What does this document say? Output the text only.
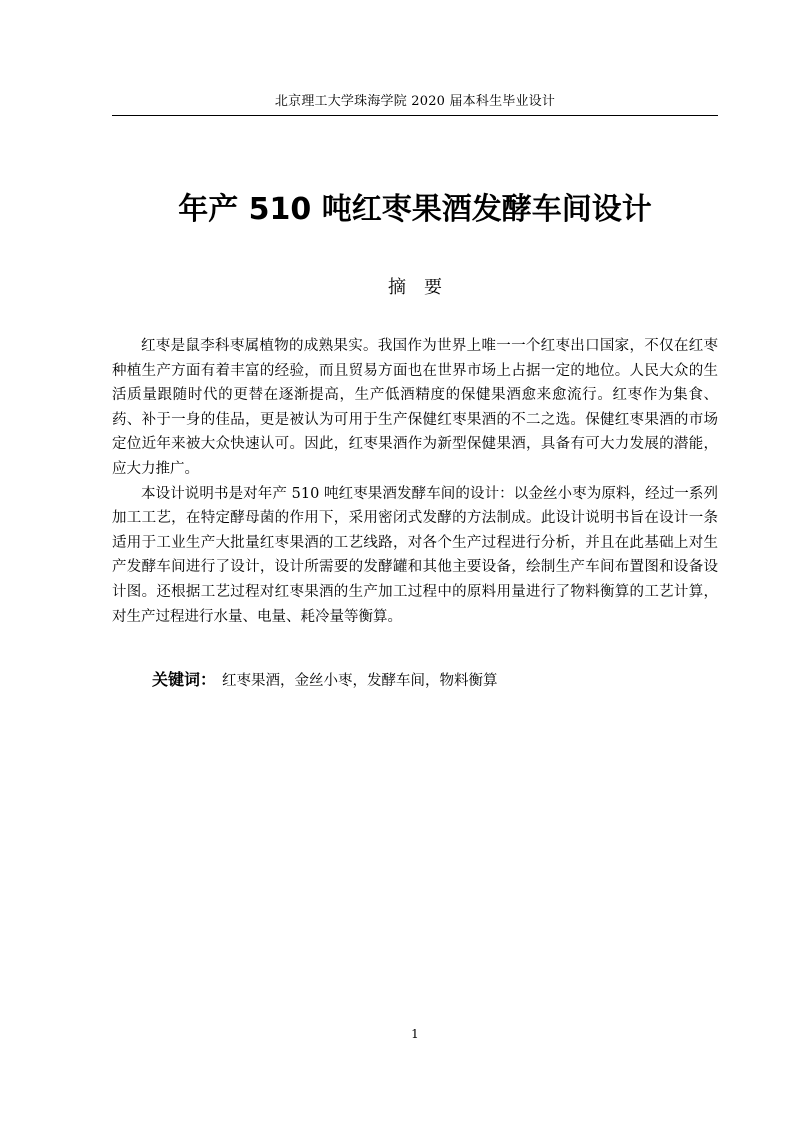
北京理工大学珠海学院 2020 届本科生毕业设计
年产 510 吨红枣果酒发酵车间设计
摘要

红枣是鼠李科枣属植物的成熟果实。我国作为世界上唯一一个红枣出口国家，不仅在红枣种植生产方面有着丰富的经验，而且贸易方面也在世界市场上占据一定的地位。人民大众的生活质量跟随时代的更替在逐渐提高，生产低酒精度的保健果酒愈来愈流行。红枣作为集食、药、补于一身的佳品，更是被认为可用于生产保健红枣果酒的不二之选。保健红枣果酒的市场定位近年来被大众快速认可。因此，红枣果酒作为新型保健果酒，具备有可大力发展的潜能，应大力推广。

本设计说明书是对年产 510 吨红枣果酒发酵车间的设计：以金丝小枣为原料，经过一系列加工工艺，在特定酵母菌的作用下，采用密闭式发酵的方法制成。此设计说明书旨在设计一条适用于工业生产大批量红枣果酒的工艺线路，对各个生产过程进行分析，并且在此基础上对生产发酵车间进行了设计，设计所需要的发酵罐和其他主要设备，绘制生产车间布置图和设备设计图。还根据工艺过程对红枣果酒的生产加工过程中的原料用量进行了物料衡算的工艺计算，对生产过程进行水量、电量、耗冷量等衡算。

关键词： 红枣果酒，金丝小枣，发酵车间，物料衡算
1
